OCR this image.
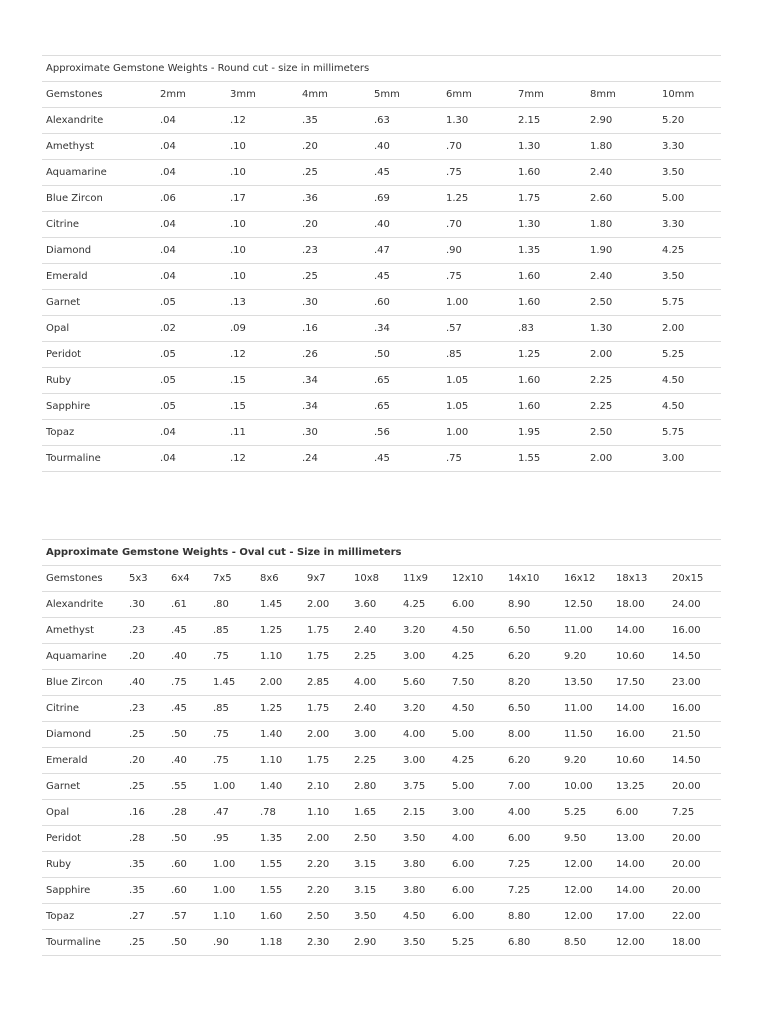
Approximate Gemstone Weights - Round cut - size in millimeters
Gemstones	2mm	3mm	4mm	5mm	6mm	7mm	8mm	10mm
Alexandrite	.04	.12	.35	.63	1.30	2.15	2.90	5.20
Amethyst	.04	.10	.20	.40	.70	1.30	1.80	3.30
Aquamarine	.04	.10	.25	.45	.75	1.60	2.40	3.50
Blue Zircon	.06	.17	.36	.69	1.25	1.75	2.60	5.00
Citrine	.04	.10	.20	.40	.70	1.30	1.80	3.30
Diamond	.04	.10	.23	.47	.90	1.35	1.90	4.25
Emerald	.04	.10	.25	.45	.75	1.60	2.40	3.50
Garnet	.05	.13	.30	.60	1.00	1.60	2.50	5.75
Opal	.02	.09	.16	.34	.57	.83	1.30	2.00
Peridot	.05	.12	.26	.50	.85	1.25	2.00	5.25
Ruby	.05	.15	.34	.65	1.05	1.60	2.25	4.50
Sapphire	.05	.15	.34	.65	1.05	1.60	2.25	4.50
Topaz	.04	.11	.30	.56	1.00	1.95	2.50	5.75
Tourmaline	.04	.12	.24	.45	.75	1.55	2.00	3.00
Approximate Gemstone Weights - Oval cut - Size in millimeters
Gemstones	5x3	6x4	7x5	8x6	9x7	10x8	11x9	12x10	14x10	16x12	18x13	20x15
Alexandrite	.30	.61	.80	1.45	2.00	3.60	4.25	6.00	8.90	12.50	18.00	24.00
Amethyst	.23	.45	.85	1.25	1.75	2.40	3.20	4.50	6.50	11.00	14.00	16.00
Aquamarine	.20	.40	.75	1.10	1.75	2.25	3.00	4.25	6.20	9.20	10.60	14.50
Blue Zircon	.40	.75	1.45	2.00	2.85	4.00	5.60	7.50	8.20	13.50	17.50	23.00
Citrine	.23	.45	.85	1.25	1.75	2.40	3.20	4.50	6.50	11.00	14.00	16.00
Diamond	.25	.50	.75	1.40	2.00	3.00	4.00	5.00	8.00	11.50	16.00	21.50
Emerald	.20	.40	.75	1.10	1.75	2.25	3.00	4.25	6.20	9.20	10.60	14.50
Garnet	.25	.55	1.00	1.40	2.10	2.80	3.75	5.00	7.00	10.00	13.25	20.00
Opal	.16	.28	.47	.78	1.10	1.65	2.15	3.00	4.00	5.25	6.00	7.25
Peridot	.28	.50	.95	1.35	2.00	2.50	3.50	4.00	6.00	9.50	13.00	20.00
Ruby	.35	.60	1.00	1.55	2.20	3.15	3.80	6.00	7.25	12.00	14.00	20.00
Sapphire	.35	.60	1.00	1.55	2.20	3.15	3.80	6.00	7.25	12.00	14.00	20.00
Topaz	.27	.57	1.10	1.60	2.50	3.50	4.50	6.00	8.80	12.00	17.00	22.00
Tourmaline	.25	.50	.90	1.18	2.30	2.90	3.50	5.25	6.80	8.50	12.00	18.00
